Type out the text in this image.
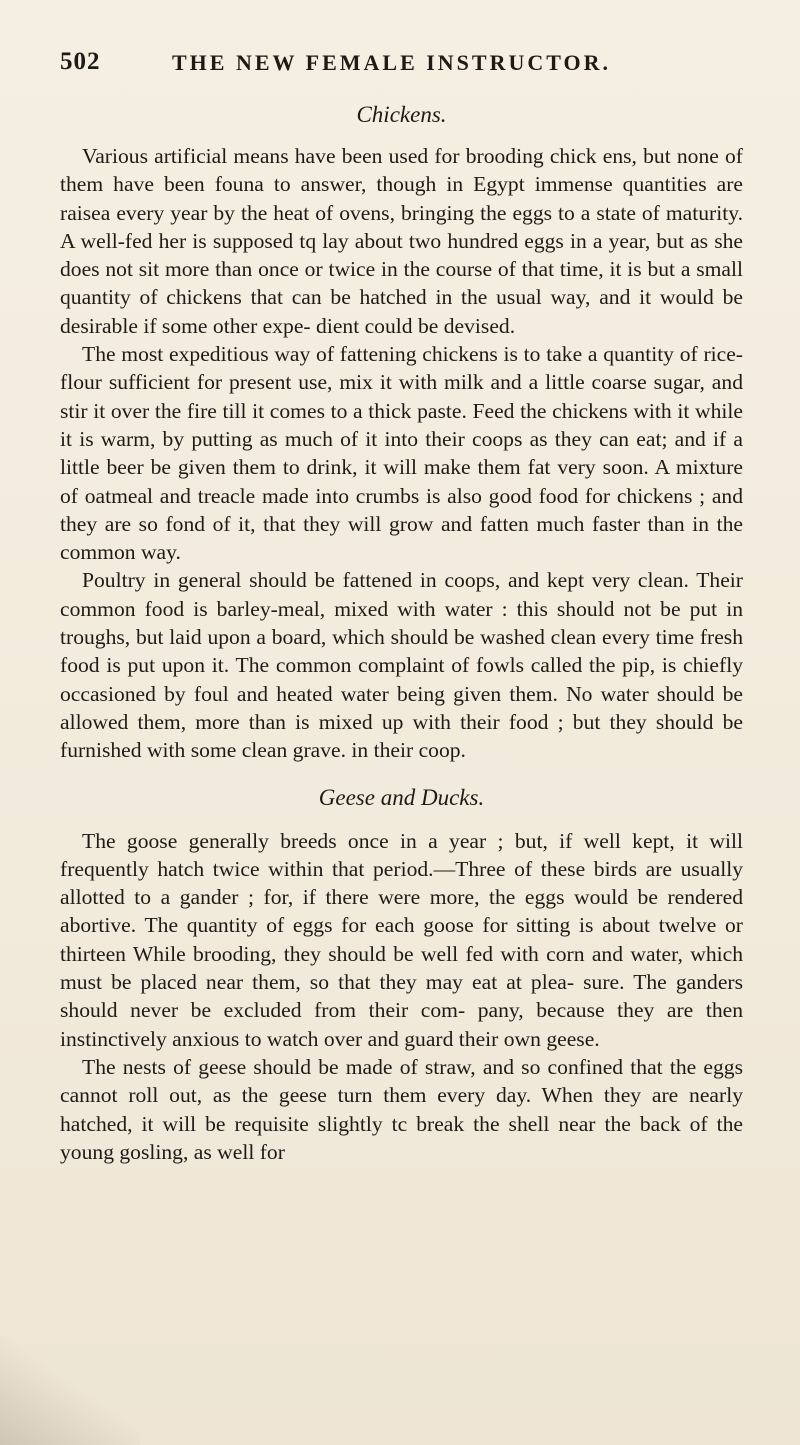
502	THE NEW FEMALE INSTRUCTOR.
Chickens.

Various artificial means have been used for brooding chick ens, but none of them have been founa to answer, though in Egypt immense quantities are raisea every year by the heat of ovens, bringing the eggs to a state of maturity. A well-fed her is supposed tq lay about two hundred eggs in a year, but as she does not sit more than once or twice in the course of that time, it is but a small quantity of chickens that can be hatched in the usual way, and it would be desirable if some other expe- dient could be devised.

The most expeditious way of fattening chickens is to take a quantity of rice-flour sufficient for present use, mix it with milk and a little coarse sugar, and stir it over the fire till it comes to a thick paste. Feed the chickens with it while it is warm, by putting as much of it into their coops as they can eat; and if a little beer be given them to drink, it will make them fat very soon. A mixture of oatmeal and treacle made into crumbs is also good food for chickens ; and they are so fond of it, that they will grow and fatten much faster than in the common way.

Poultry in general should be fattened in coops, and kept very clean. Their common food is barley-meal, mixed with water : this should not be put in troughs, but laid upon a board, which should be washed clean every time fresh food is put upon it. The common complaint of fowls called the pip, is chiefly occasioned by foul and heated water being given them. No water should be allowed them, more than is mixed up with their food ; but they should be furnished with some clean grave. in their coop.

Geese and Ducks.

The goose generally breeds once in a year ; but, if well kept, it will frequently hatch twice within that period.—Three of these birds are usually allotted to a gander ; for, if there were more, the eggs would be rendered abortive. The quantity of eggs for each goose for sitting is about twelve or thirteen While brooding, they should be well fed with corn and water, which must be placed near them, so that they may eat at plea- sure. The ganders should never be excluded from their com- pany, because they are then instinctively anxious to watch over and guard their own geese.

The nests of geese should be made of straw, and so confined that the eggs cannot roll out, as the geese turn them every day. When they are nearly hatched, it will be requisite slightly tc break the shell near the back of the young gosling, as well for
